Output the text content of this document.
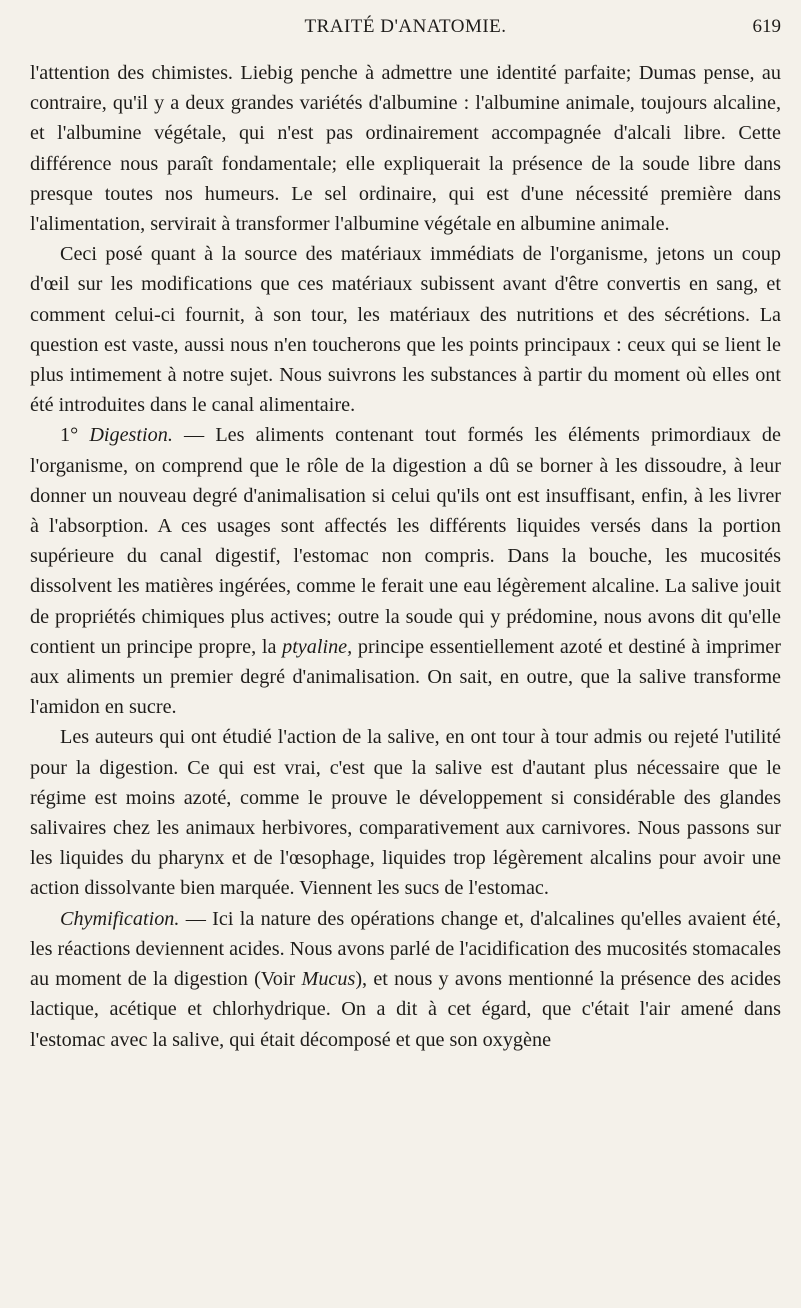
TRAITÉ D'ANATOMIE.	619

l'attention des chimistes. Liebig penche à admettre une identité parfaite; Dumas pense, au contraire, qu'il y a deux grandes variétés d'albumine : l'albumine animale, toujours alcaline, et l'albumine végétale, qui n'est pas ordinairement accompagnée d'alcali libre. Cette différence nous paraît fondamentale; elle expliquerait la présence de la soude libre dans presque toutes nos humeurs. Le sel ordinaire, qui est d'une nécessité première dans l'alimentation, servirait à transformer l'albumine végétale en albumine animale.

Ceci posé quant à la source des matériaux immédiats de l'organisme, jetons un coup d'œil sur les modifications que ces matériaux subissent avant d'être convertis en sang, et comment celui-ci fournit, à son tour, les matériaux des nutritions et des sécrétions. La question est vaste, aussi nous n'en toucherons que les points principaux : ceux qui se lient le plus intimement à notre sujet. Nous suivrons les substances à partir du moment où elles ont été introduites dans le canal alimentaire.

1° Digestion. — Les aliments contenant tout formés les éléments primordiaux de l'organisme, on comprend que le rôle de la digestion a dû se borner à les dissoudre, à leur donner un nouveau degré d'animalisation si celui qu'ils ont est insuffisant, enfin, à les livrer à l'absorption. A ces usages sont affectés les différents liquides versés dans la portion supérieure du canal digestif, l'estomac non compris. Dans la bouche, les mucosités dissolvent les matières ingérées, comme le ferait une eau légèrement alcaline. La salive jouit de propriétés chimiques plus actives; outre la soude qui y prédomine, nous avons dit qu'elle contient un principe propre, la ptyaline, principe essentiellement azoté et destiné à imprimer aux aliments un premier degré d'animalisation. On sait, en outre, que la salive transforme l'amidon en sucre.

Les auteurs qui ont étudié l'action de la salive, en ont tour à tour admis ou rejeté l'utilité pour la digestion. Ce qui est vrai, c'est que la salive est d'autant plus nécessaire que le régime est moins azoté, comme le prouve le développement si considérable des glandes salivaires chez les animaux herbivores, comparativement aux carnivores. Nous passons sur les liquides du pharynx et de l'œsophage, liquides trop légèrement alcalins pour avoir une action dissolvante bien marquée. Viennent les sucs de l'estomac.

Chymification. — Ici la nature des opérations change et, d'alcalines qu'elles avaient été, les réactions deviennent acides. Nous avons parlé de l'acidification des mucosités stomacales au moment de la digestion (Voir Mucus), et nous y avons mentionné la présence des acides lactique, acétique et chlorhydrique. On a dit à cet égard, que c'était l'air amené dans l'estomac avec la salive, qui était décomposé et que son oxygène
